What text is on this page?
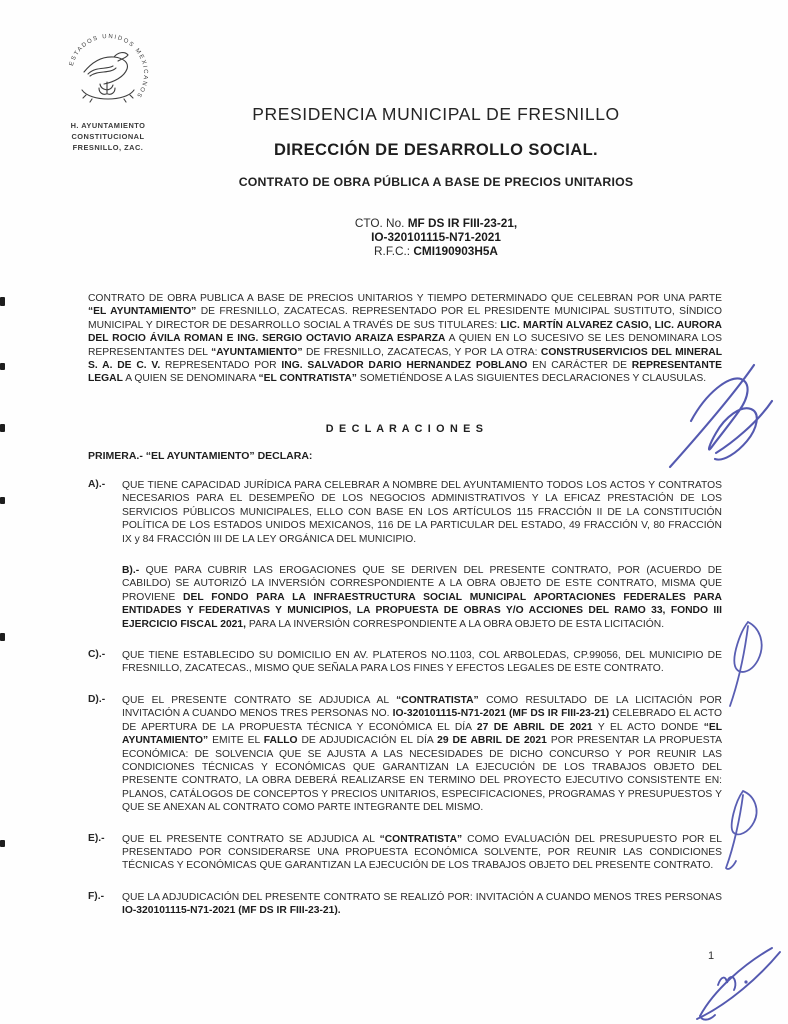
ESTADOS UNIDOS MEXICANOS
H. AYUNTAMIENTO
CONSTITUCIONAL
FRESNILLO, ZAC.
PRESIDENCIA MUNICIPAL DE FRESNILLO
DIRECCIÓN DE DESARROLLO SOCIAL.
CONTRATO DE OBRA PÚBLICA A BASE DE PRECIOS UNITARIOS
CTO. No. MF DS IR FIII-23-21,
IO-320101115-N71-2021
R.F.C.: CMI190903H5A

CONTRATO DE OBRA PUBLICA A BASE DE PRECIOS UNITARIOS Y TIEMPO DETERMINADO QUE CELEBRAN POR UNA PARTE “EL AYUNTAMIENTO” DE FRESNILLO, ZACATECAS. REPRESENTADO POR EL PRESIDENTE MUNICIPAL SUSTITUTO, SÍNDICO MUNICIPAL Y DIRECTOR DE DESARROLLO SOCIAL A TRAVÉS DE SUS TITULARES: LIC. MARTÍN ALVAREZ CASIO, LIC. AURORA DEL ROCIO ÁVILA ROMAN E ING. SERGIO OCTAVIO ARAIZA ESPARZA A QUIEN EN LO SUCESIVO SE LES DENOMINARA LOS REPRESENTANTES DEL “AYUNTAMIENTO” DE FRESNILLO, ZACATECAS, Y POR LA OTRA: CONSTRUSERVICIOS DEL MINERAL S. A. DE C. V. REPRESENTADO POR ING. SALVADOR DARIO HERNANDEZ POBLANO EN CARÁCTER DE REPRESENTANTE LEGAL A QUIEN SE DENOMINARA “EL CONTRATISTA” SOMETIÉNDOSE A LAS SIGUIENTES DECLARACIONES Y CLAUSULAS.

D E C L A R A C I O N E S
PRIMERA.- “EL AYUNTAMIENTO” DECLARA:
A).-	QUE TIENE CAPACIDAD JURÍDICA PARA CELEBRAR A NOMBRE DEL AYUNTAMIENTO TODOS LOS ACTOS Y CONTRATOS NECESARIOS PARA EL DESEMPEÑO DE LOS NEGOCIOS ADMINISTRATIVOS Y LA EFICAZ PRESTACIÓN DE LOS SERVICIOS PÚBLICOS MUNICIPALES, ELLO CON BASE EN LOS ARTÍCULOS 115 FRACCIÓN II DE LA CONSTITUCIÓN POLÍTICA DE LOS ESTADOS UNIDOS MEXICANOS, 116 DE LA PARTICULAR DEL ESTADO, 49 FRACCIÓN V, 80 FRACCIÓN IX y 84 FRACCIÓN III DE LA LEY ORGÁNICA DEL MUNICIPIO.
B).- QUE PARA CUBRIR LAS EROGACIONES QUE SE DERIVEN DEL PRESENTE CONTRATO, POR (ACUERDO DE CABILDO) SE AUTORIZÓ LA INVERSIÓN CORRESPONDIENTE A LA OBRA OBJETO DE ESTE CONTRATO, MISMA QUE PROVIENE DEL FONDO PARA LA INFRAESTRUCTURA SOCIAL MUNICIPAL APORTACIONES FEDERALES PARA ENTIDADES Y FEDERATIVAS Y MUNICIPIOS, LA PROPUESTA DE OBRAS Y/O ACCIONES DEL RAMO 33, FONDO III EJERCICIO FISCAL 2021, PARA LA INVERSIÓN CORRESPONDIENTE A LA OBRA OBJETO DE ESTA LICITACIÓN.
C).-	QUE TIENE ESTABLECIDO SU DOMICILIO EN AV. PLATEROS NO.1103, COL ARBOLEDAS, CP.99056, DEL MUNICIPIO DE FRESNILLO, ZACATECAS., MISMO QUE SEÑALA PARA LOS FINES Y EFECTOS LEGALES DE ESTE CONTRATO.
D).-	QUE EL PRESENTE CONTRATO SE ADJUDICA AL “CONTRATISTA” COMO RESULTADO DE LA LICITACIÓN POR INVITACIÓN A CUANDO MENOS TRES PERSONAS NO. IO-320101115-N71-2021 (MF DS IR FIII-23-21) CELEBRADO EL ACTO DE APERTURA DE LA PROPUESTA TÉCNICA Y ECONÓMICA EL DÍA 27 DE ABRIL DE 2021 Y EL ACTO DONDE “EL AYUNTAMIENTO” EMITE EL FALLO DE ADJUDICACIÓN EL DÍA 29 DE ABRIL DE 2021 POR PRESENTAR LA PROPUESTA ECONÓMICA: DE SOLVENCIA QUE SE AJUSTA A LAS NECESIDADES DE DICHO CONCURSO Y POR REUNIR LAS CONDICIONES TÉCNICAS Y ECONÓMICAS QUE GARANTIZAN LA EJECUCIÓN DE LOS TRABAJOS OBJETO DEL PRESENTE CONTRATO, LA OBRA DEBERÁ REALIZARSE EN TERMINO DEL PROYECTO EJECUTIVO CONSISTENTE EN: PLANOS, CATÁLOGOS DE CONCEPTOS Y PRECIOS UNITARIOS, ESPECIFICACIONES, PROGRAMAS Y PRESUPUESTOS Y QUE SE ANEXAN AL CONTRATO COMO PARTE INTEGRANTE DEL MISMO.
E).-	QUE EL PRESENTE CONTRATO SE ADJUDICA AL “CONTRATISTA” COMO EVALUACIÓN DEL PRESUPUESTO POR EL PRESENTADO POR CONSIDERARSE UNA PROPUESTA ECONÓMICA SOLVENTE, POR REUNIR LAS CONDICIONES TÉCNICAS Y ECONÓMICAS QUE GARANTIZAN LA EJECUCIÓN DE LOS TRABAJOS OBJETO DEL PRESENTE CONTRATO.
F).-	QUE LA ADJUDICACIÓN DEL PRESENTE CONTRATO SE REALIZÓ POR: INVITACIÓN A CUANDO MENOS TRES PERSONAS IO-320101115-N71-2021 (MF DS IR FIII-23-21).
1
